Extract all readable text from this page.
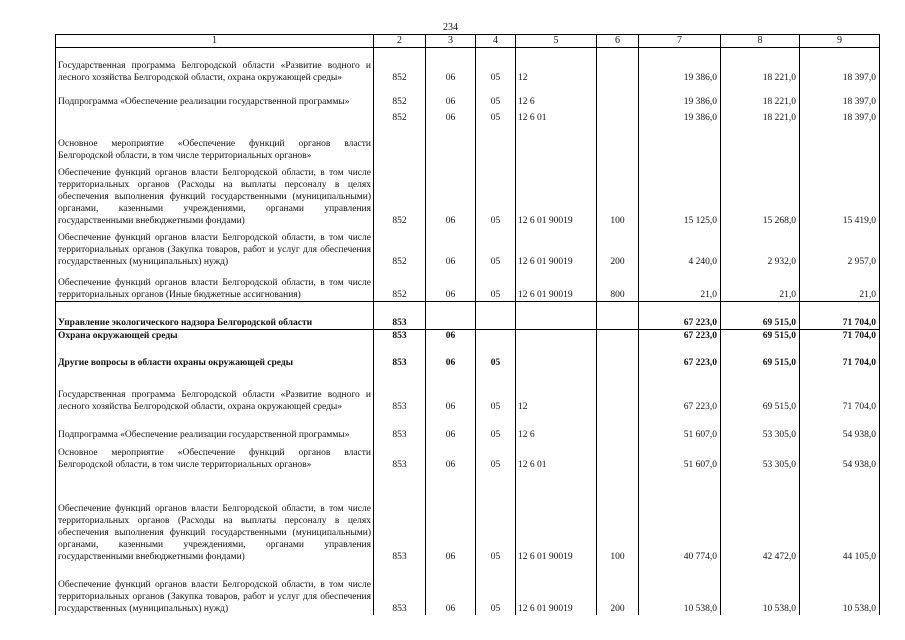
234
1	2	3	4	5	6	7	8	9
Государственная программа Белгородской области «Развитие водного и лесного хозяйства Белгородской области, охрана окружающей среды»	852	06	05	12		19 386,0	18 221,0	18 397,0
Подпрограмма «Обеспечение реализации государственной программы»	852	06	05	12 6		19 386,0	18 221,0	18 397,0
Основное мероприятие «Обеспечение функций органов власти Белгородской области, в том числе территориальных органов»	852	06	05	12 6 01		19 386,0	18 221,0	18 397,0
Обеспечение функций органов власти Белгородской области, в том числе территориальных органов (Расходы на выплаты персоналу в целях обеспечения выполнения функций государственными (муниципальными) органами, казенными учреждениями, органами управления государственными внебюджетными фондами)	852	06	05	12 6 01 90019	100	15 125,0	15 268,0	15 419,0
Обеспечение функций органов власти Белгородской области, в том числе территориальных органов (Закупка товаров, работ и услуг для обеспечения государственных (муниципальных) нужд)	852	06	05	12 6 01 90019	200	4 240,0	2 932,0	2 957,0
Обеспечение функций органов власти Белгородской области, в том числе территориальных органов (Иные бюджетные ассигнования)	852	06	05	12 6 01 90019	800	21,0	21,0	21,0
Управление экологического надзора Белгородской области	853					67 223,0	69 515,0	71 704,0
Охрана окружающей среды	853	06				67 223,0	69 515,0	71 704,0
Другие вопросы в области охраны окружающей среды	853	06	05			67 223,0	69 515,0	71 704,0
Государственная программа Белгородской области «Развитие водного и лесного хозяйства Белгородской области, охрана окружающей среды»	853	06	05	12		67 223,0	69 515,0	71 704,0
Подпрограмма «Обеспечение реализации государственной программы»	853	06	05	12 6		51 607,0	53 305,0	54 938,0
Основное мероприятие «Обеспечение функций органов власти Белгородской области, в том числе территориальных органов»	853	06	05	12 6 01		51 607,0	53 305,0	54 938,0
Обеспечение функций органов власти Белгородской области, в том числе территориальных органов (Расходы на выплаты персоналу в целях обеспечения выполнения функций государственными (муниципальными) органами, казенными учреждениями, органами управления государственными внебюджетными фондами)	853	06	05	12 6 01 90019	100	40 774,0	42 472,0	44 105,0
Обеспечение функций органов власти Белгородской области, в том числе территориальных органов (Закупка товаров, работ и услуг для обеспечения государственных (муниципальных) нужд)	853	06	05	12 6 01 90019	200	10 538,0	10 538,0	10 538,0
